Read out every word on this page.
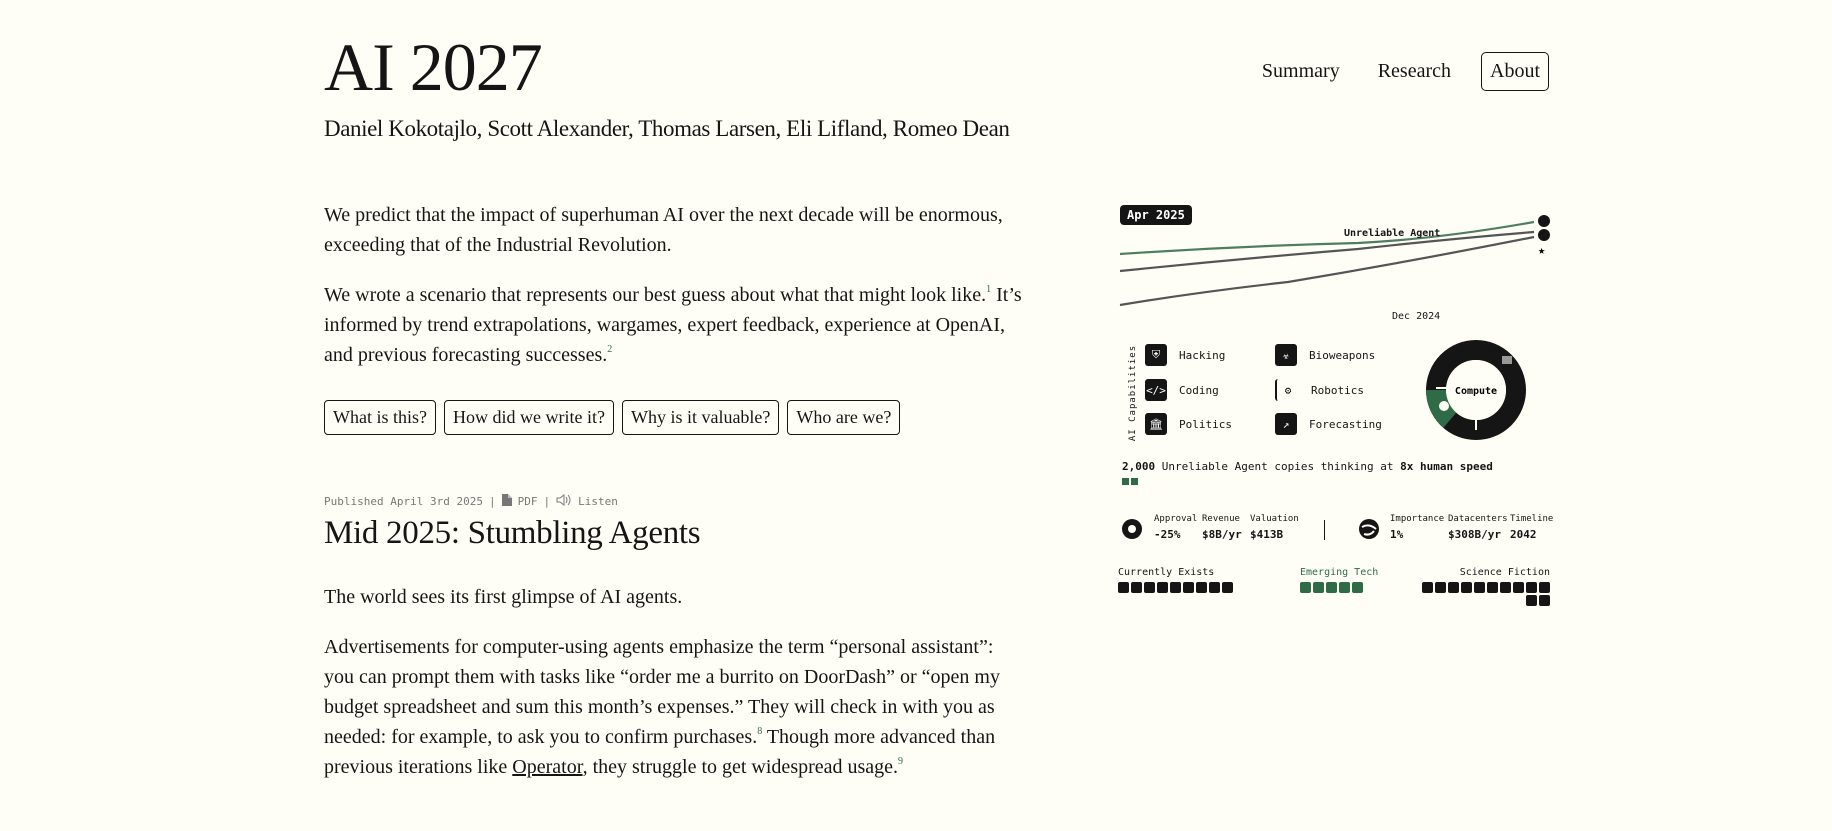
AI 2027
Daniel Kokotajlo, Scott Alexander, Thomas Larsen, Eli Lifland, Romeo Dean
Summary	Research	About

We predict that the impact of superhuman AI over the next decade will be enormous, exceeding that of the Industrial Revolution.

We wrote a scenario that represents our best guess about what that might look like.$^1$ It’s informed by trend extrapolations, wargames, expert feedback, experience at OpenAI, and previous forecasting successes.$^2$

What is this?	How did we write it?	Why is it valuable?	Who are we?
Published April 3rd 2025 | PDF |	Listen
Mid 2025: Stumbling Agents

The world sees its first glimpse of AI agents.

Advertisements for computer-using agents emphasize the term “personal assistant”: you can prompt them with tasks like “order me a burrito on DoorDash” or “open my budget spreadsheet and sum this month’s expenses.” They will check in with you as needed: for example, to ask you to confirm purchases.$^8$ Though more advanced than previous iterations like Operator, they struggle to get widespread usage.$^9$

★
Apr 2025
Unreliable Agent
Dec 2024
AI Capabilities	⛨	Hacking	☣	Bioweapons
</> Coding	⚙	Robotics
🏛	Politics	↗	Forecasting
Compute
2,000 Unreliable Agent copies thinking at 8x human speed
Approval
-25%
Revenue
$8B/yr
Valuation
$413B
Importance
1%
Datacenters
$308B/yr
Timeline
2042
Currently Exists	Emerging Tech	Science Fiction
